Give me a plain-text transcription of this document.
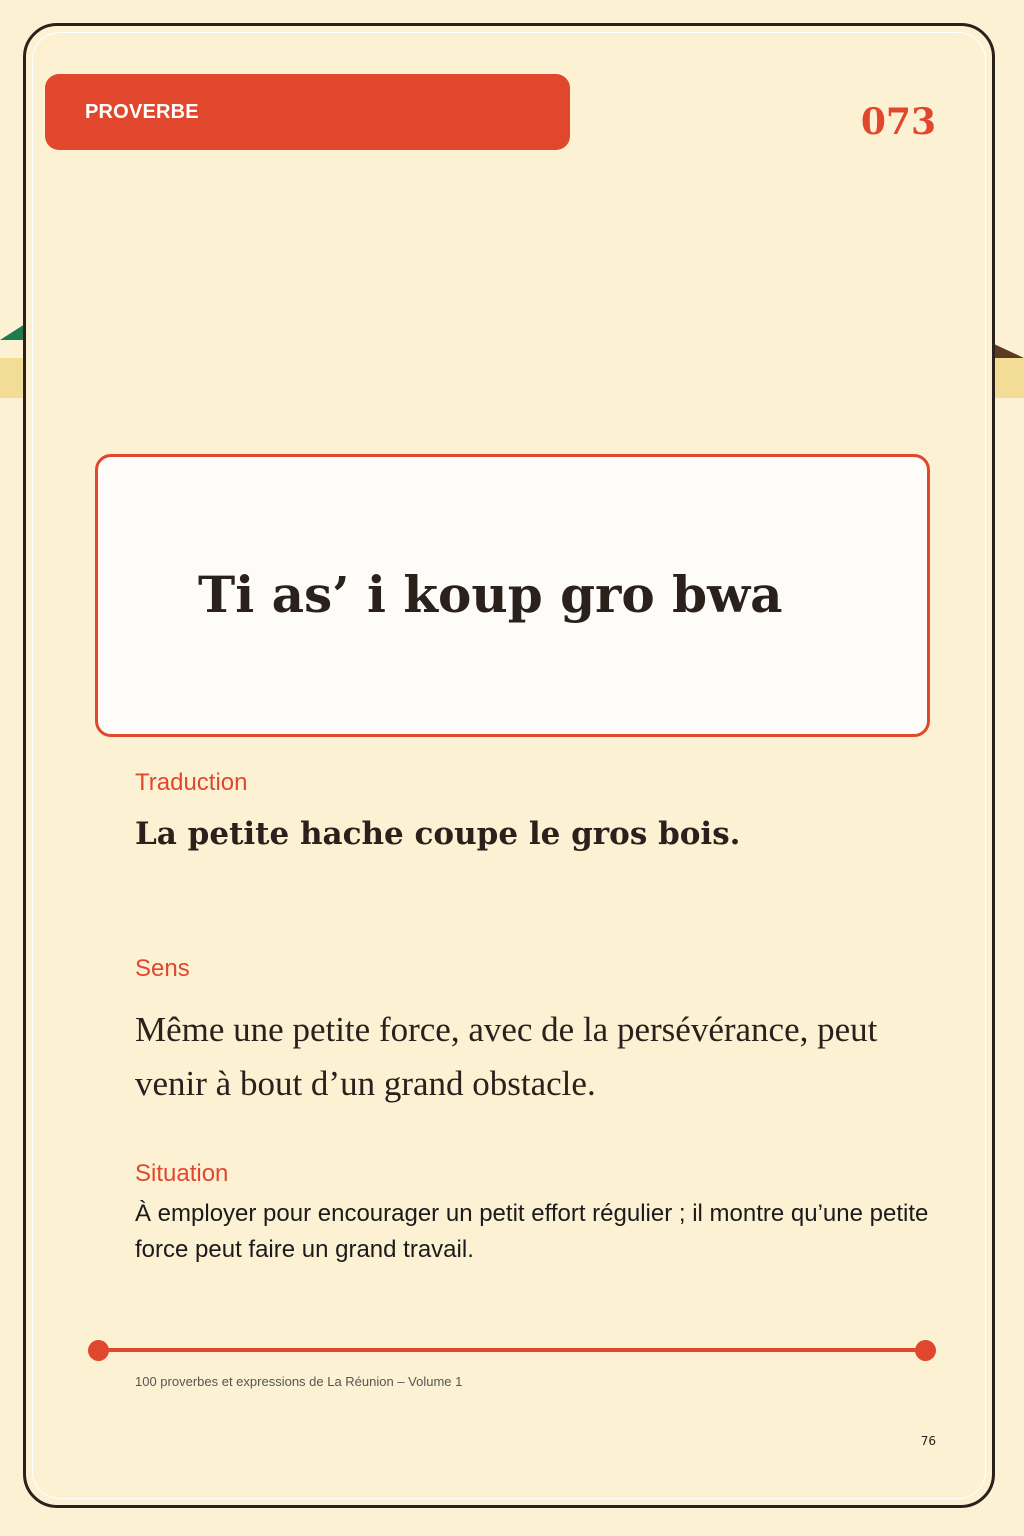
PROVERBE	073
Ti as’ i koup gro bwa
Traduction
La petite hache coupe le gros bois.
Sens
Même une petite force, avec de la persévérance, peut venir à bout d’un grand obstacle.
Situation
À employer pour encourager un petit effort régulier ; il montre qu’une petite force peut faire un grand travail.
100 proverbes et expressions de La Réunion – Volume 1
76
